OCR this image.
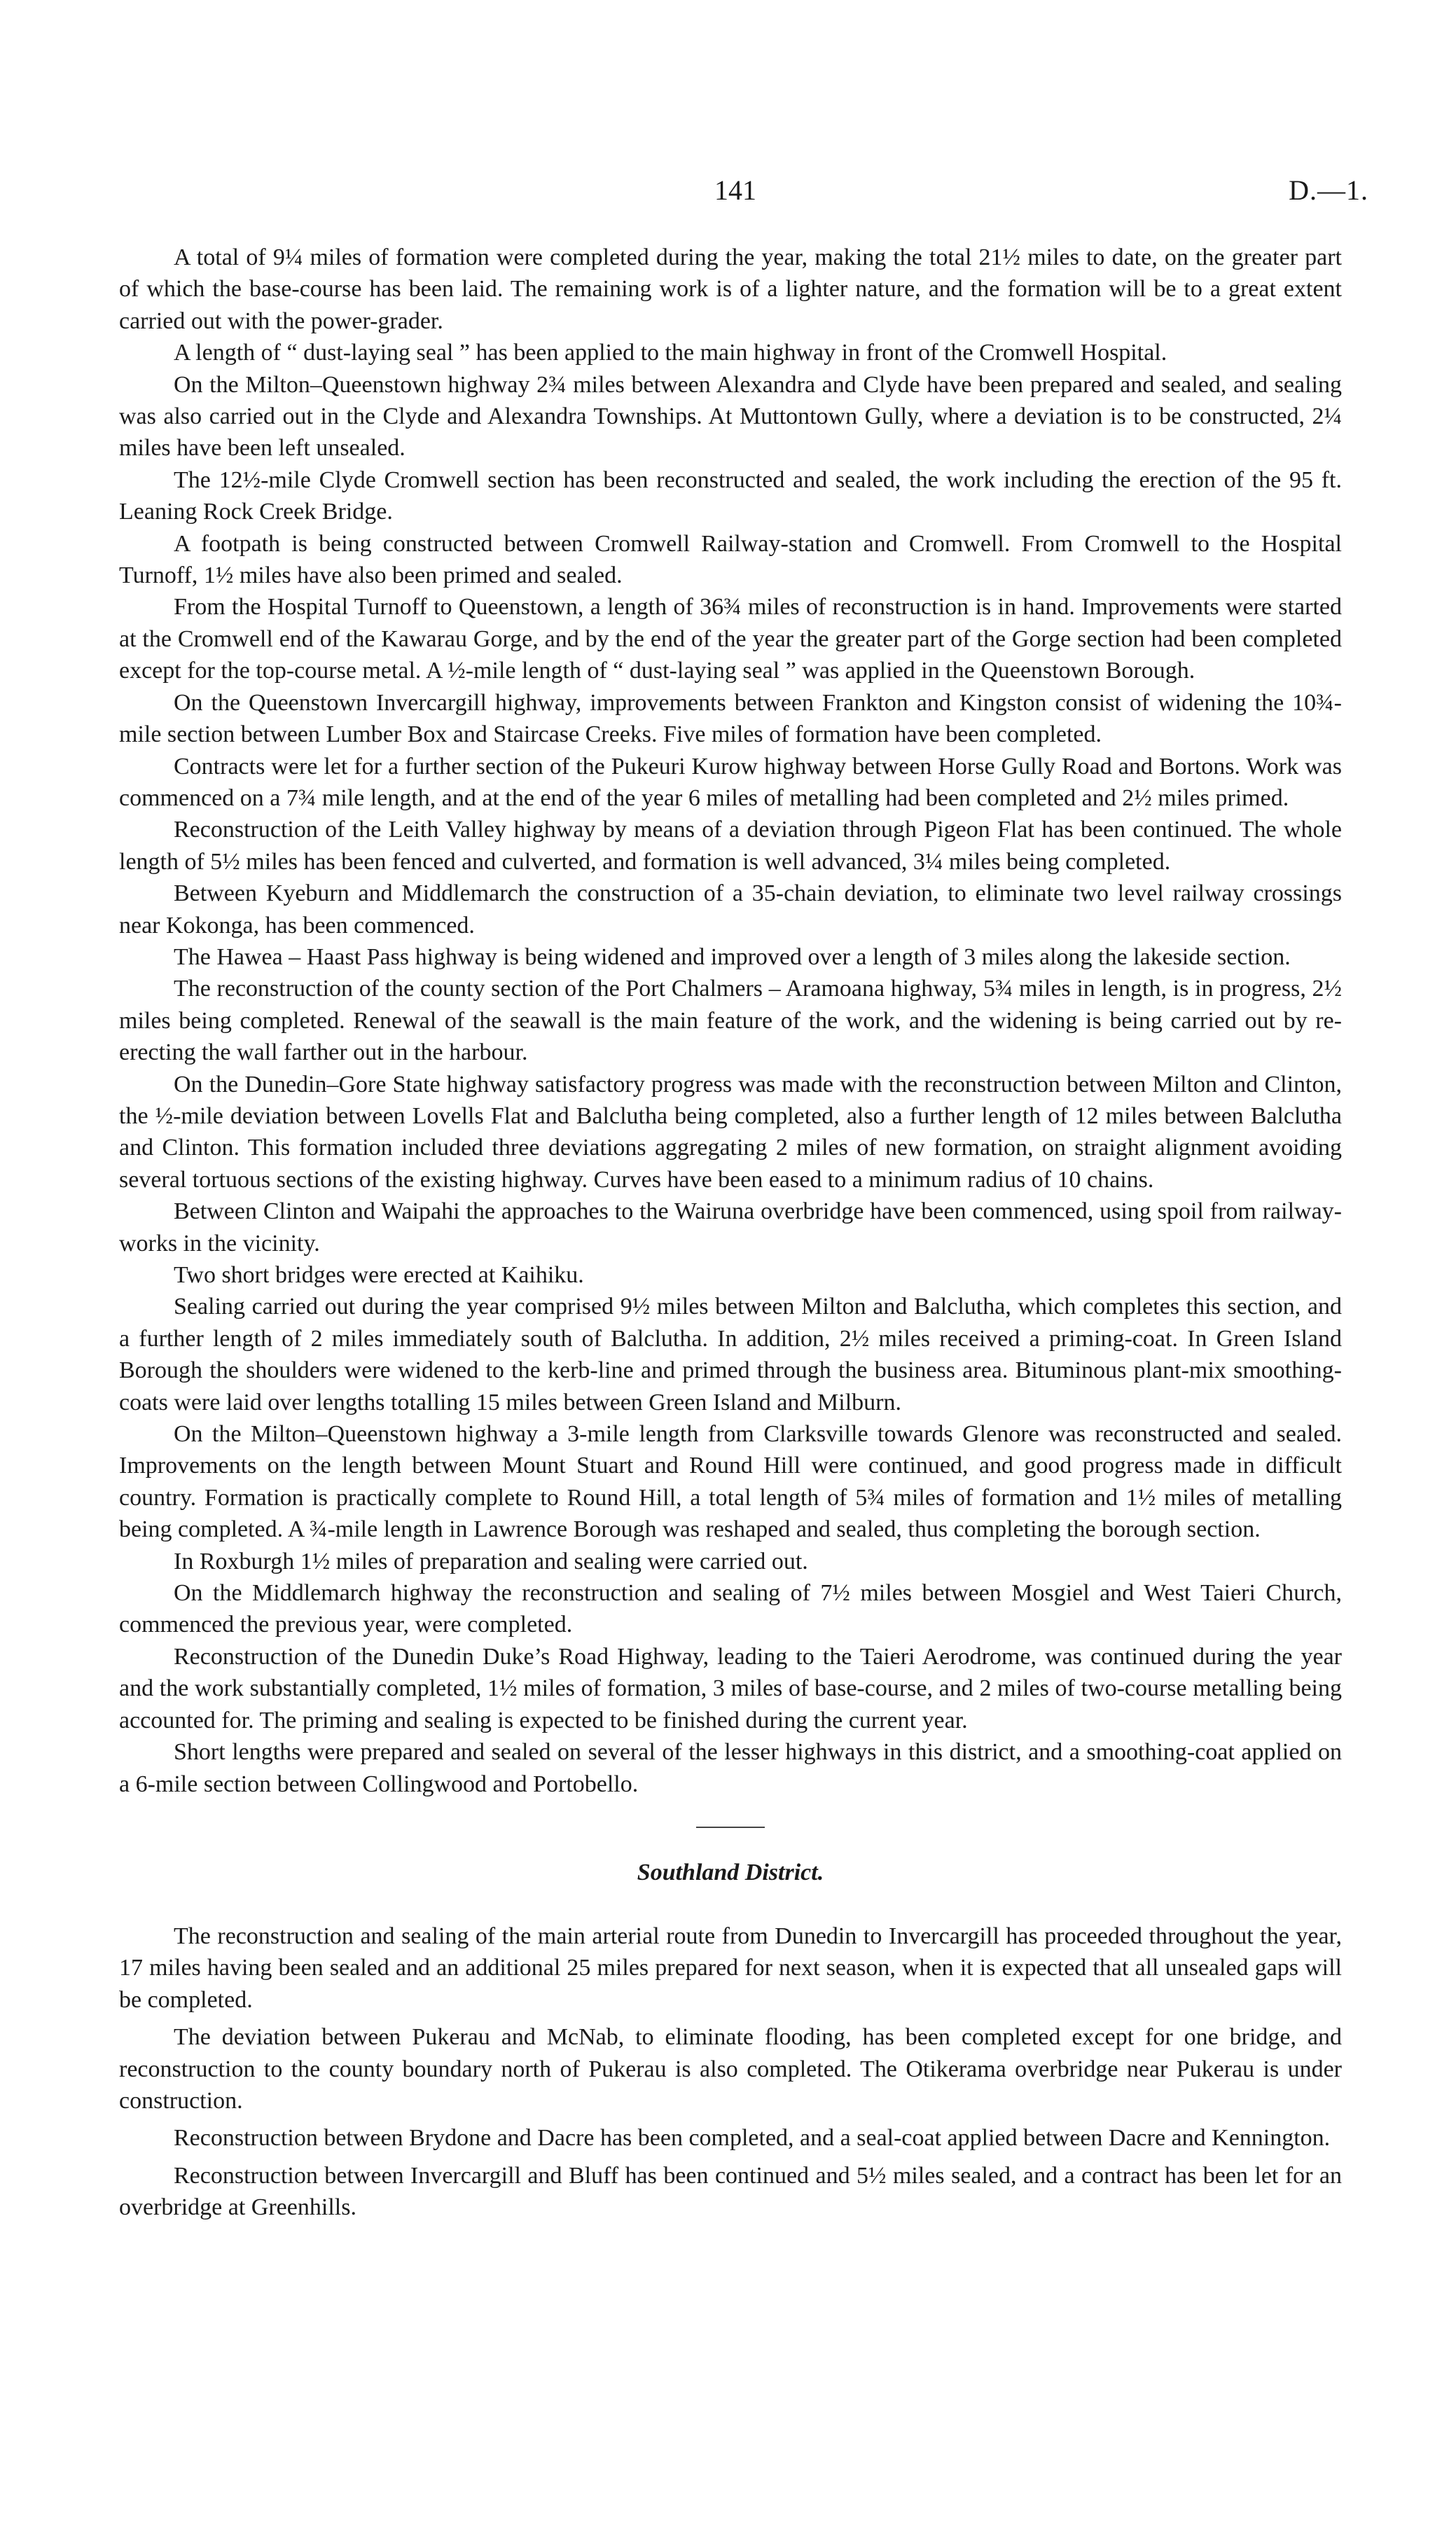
141	D.—1.

A total of 9¼ miles of formation were completed during the year, making the total 21½ miles to date, on the greater part of which the base-course has been laid. The remaining work is of a lighter nature, and the formation will be to a great extent carried out with the power-grader.

A length of “ dust-laying seal ” has been applied to the main highway in front of the Cromwell Hospital.

On the Milton–Queenstown highway 2¾ miles between Alexandra and Clyde have been prepared and sealed, and sealing was also carried out in the Clyde and Alexandra Townships. At Muttontown Gully, where a deviation is to be constructed, 2¼ miles have been left unsealed.

The 12½-mile Clyde Cromwell section has been reconstructed and sealed, the work including the erection of the 95 ft. Leaning Rock Creek Bridge.

A footpath is being constructed between Cromwell Railway-station and Cromwell. From Cromwell to the Hospital Turnoff, 1½ miles have also been primed and sealed.

From the Hospital Turnoff to Queenstown, a length of 36¾ miles of reconstruction is in hand. Improvements were started at the Cromwell end of the Kawarau Gorge, and by the end of the year the greater part of the Gorge section had been completed except for the top-course metal. A ½-mile length of “ dust-laying seal ” was applied in the Queenstown Borough.

On the Queenstown Invercargill highway, improvements between Frankton and Kingston consist of widening the 10¾-mile section between Lumber Box and Staircase Creeks. Five miles of formation have been completed.

Contracts were let for a further section of the Pukeuri Kurow highway between Horse Gully Road and Bortons. Work was commenced on a 7¾ mile length, and at the end of the year 6 miles of metalling had been completed and 2½ miles primed.

Reconstruction of the Leith Valley highway by means of a deviation through Pigeon Flat has been continued. The whole length of 5½ miles has been fenced and culverted, and formation is well advanced, 3¼ miles being completed.

Between Kyeburn and Middlemarch the construction of a 35-chain deviation, to eliminate two level railway crossings near Kokonga, has been commenced.

The Hawea – Haast Pass highway is being widened and improved over a length of 3 miles along the lakeside section.

The reconstruction of the county section of the Port Chalmers – Aramoana highway, 5¾ miles in length, is in progress, 2½ miles being completed. Renewal of the seawall is the main feature of the work, and the widening is being carried out by re-erecting the wall farther out in the harbour.

On the Dunedin–Gore State highway satisfactory progress was made with the reconstruction between Milton and Clinton, the ½-mile deviation between Lovells Flat and Balclutha being completed, also a further length of 12 miles between Balclutha and Clinton. This formation included three deviations aggregating 2 miles of new formation, on straight alignment avoiding several tortuous sections of the existing highway. Curves have been eased to a minimum radius of 10 chains.

Between Clinton and Waipahi the approaches to the Wairuna overbridge have been commenced, using spoil from railway-works in the vicinity.

Two short bridges were erected at Kaihiku.

Sealing carried out during the year comprised 9½ miles between Milton and Balclutha, which completes this section, and a further length of 2 miles immediately south of Balclutha. In addition, 2½ miles received a priming-coat. In Green Island Borough the shoulders were widened to the kerb-line and primed through the business area. Bituminous plant-mix smoothing-coats were laid over lengths totalling 15 miles between Green Island and Milburn.

On the Milton–Queenstown highway a 3-mile length from Clarksville towards Glenore was reconstructed and sealed. Improvements on the length between Mount Stuart and Round Hill were continued, and good progress made in difficult country. Formation is practically complete to Round Hill, a total length of 5¾ miles of formation and 1½ miles of metalling being completed. A ¾-mile length in Lawrence Borough was reshaped and sealed, thus completing the borough section.

In Roxburgh 1½ miles of preparation and sealing were carried out.

On the Middlemarch highway the reconstruction and sealing of 7½ miles between Mosgiel and West Taieri Church, commenced the previous year, were completed.

Reconstruction of the Dunedin Duke’s Road Highway, leading to the Taieri Aerodrome, was continued during the year and the work substantially completed, 1½ miles of formation, 3 miles of base-course, and 2 miles of two-course metalling being accounted for. The priming and sealing is expected to be finished during the current year.

Short lengths were prepared and sealed on several of the lesser highways in this district, and a smoothing-coat applied on a 6-mile section between Collingwood and Portobello.

Southland District.

The reconstruction and sealing of the main arterial route from Dunedin to Invercargill has proceeded throughout the year, 17 miles having been sealed and an additional 25 miles prepared for next season, when it is expected that all unsealed gaps will be completed.

The deviation between Pukerau and McNab, to eliminate flooding, has been completed except for one bridge, and reconstruction to the county boundary north of Pukerau is also completed. The Otikerama overbridge near Pukerau is under construction.

Reconstruction between Brydone and Dacre has been completed, and a seal-coat applied between Dacre and Kennington.

Reconstruction between Invercargill and Bluff has been continued and 5½ miles sealed, and a contract has been let for an overbridge at Greenhills.
